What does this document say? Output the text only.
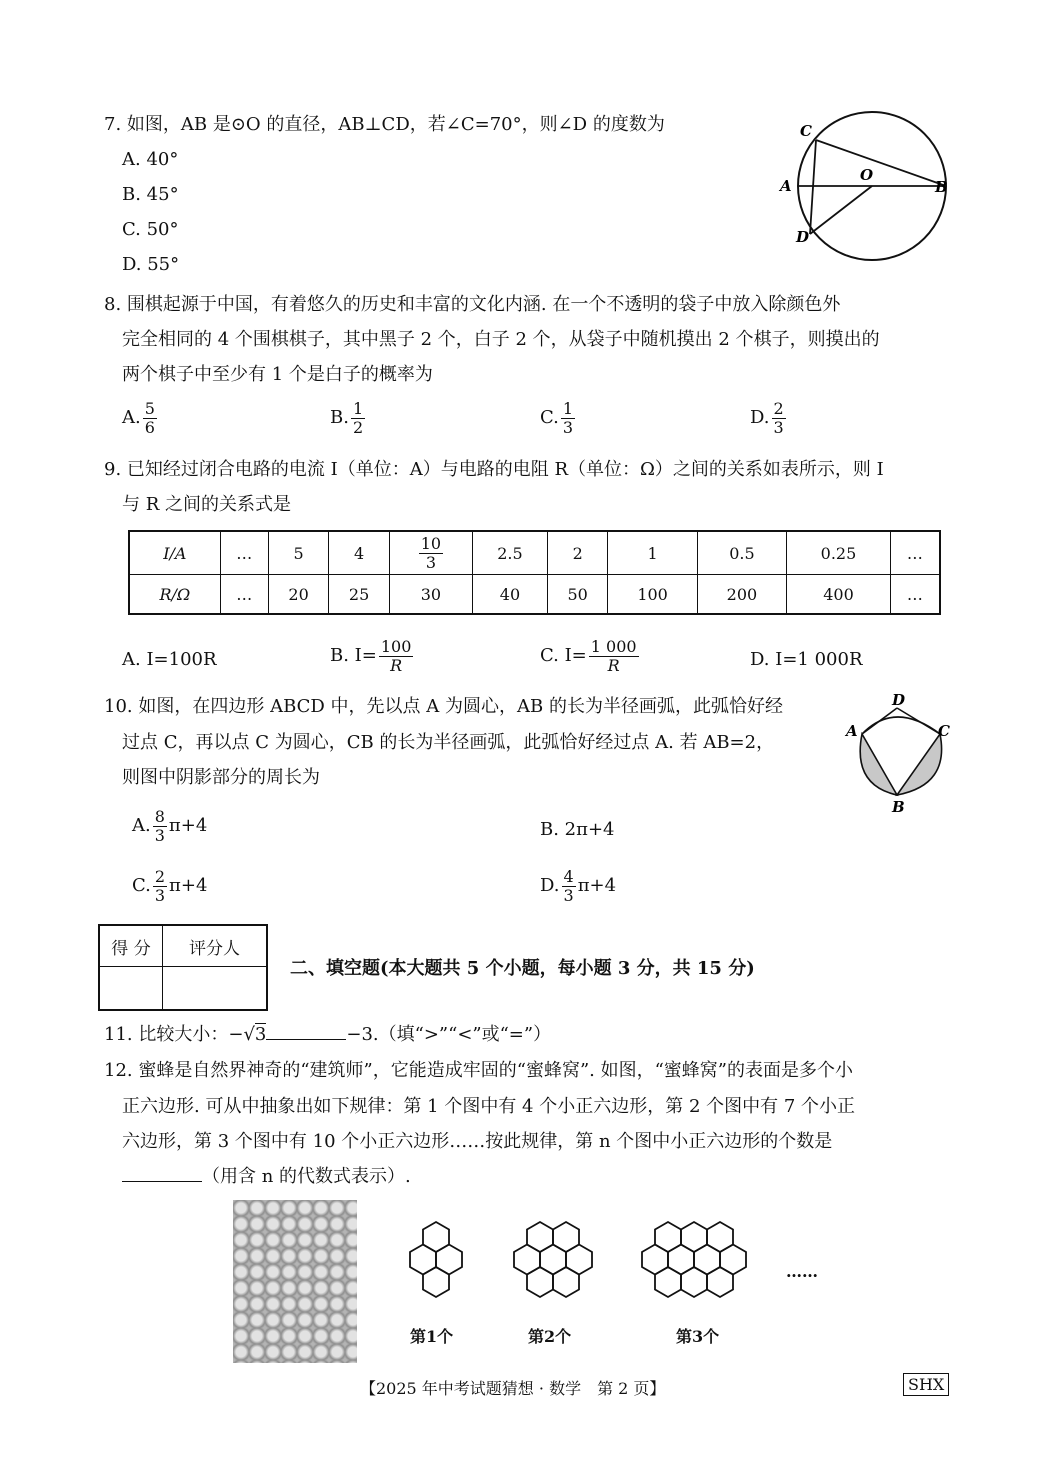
7. 如图，AB 是⊙O 的直径，AB⊥CD，若∠C=70°，则∠D 的度数为
A. 40°
B. 45°
C. 50°
D. 55°
C
A
O
B
D
8. 围棋起源于中国，有着悠久的历史和丰富的文化内涵. 在一个不透明的袋子中放入除颜色外
完全相同的 4 个围棋棋子，其中黑子 2 个，白子 2 个，从袋子中随机摸出 2 个棋子，则摸出的
两个棋子中至少有 1 个是白子的概率为
A. $\frac{5}{6}$	B. $\frac{1}{2}$	C. $\frac{1}{3}$	D. $\frac{2}{3}$
9. 已知经过闭合电路的电流 I（单位：A）与电路的电阻 R（单位：Ω）之间的关系如表所示，则 I
与 R 之间的关系式是
I/A	…	5	4	$\frac{10}{3}$	2.5	2	1	0.5	0.25	…
R/Ω	…	20	25	30	40	50	100	200	400	…
A. I=100R	B. $I= \frac{100}{R}$	C. $I= \frac{1 000}{R}$	D. I=1 000R
10. 如图，在四边形 ABCD 中，先以点 A 为圆心，AB 的长为半径画弧，此弧恰好经
过点 C，再以点 C 为圆心，CB 的长为半径画弧，此弧恰好经过点 A. 若 AB=2，
则图中阴影部分的周长为
A
D
C
B
A. $\frac{8}{3} \pi+4$	B. 2π+4
C. $\frac{2}{3} \pi+4$	D. $\frac{4}{3} \pi+4$
得 分	评分人

二、填空题(本大题共 5 个小题，每小题 3 分，共 15 分)
11. 比较大小：−√3	−3.（填“>”“<”或“=”）
12. 蜜蜂是自然界神奇的“建筑师”，它能造成牢固的“蜜蜂窝”. 如图，“蜜蜂窝”的表面是多个小
正六边形. 可从中抽象出如下规律：第 1 个图中有 4 个小正六边形，第 2 个图中有 7 个小正
六边形，第 3 个图中有 10 个小正六边形……按此规律，第 n 个图中小正六边形的个数是
（用含 n 的代数式表示）.
第1个	第2个	第3个
……
【2025 年中考试题猜想 · 数学　第 2 页】	SHX
